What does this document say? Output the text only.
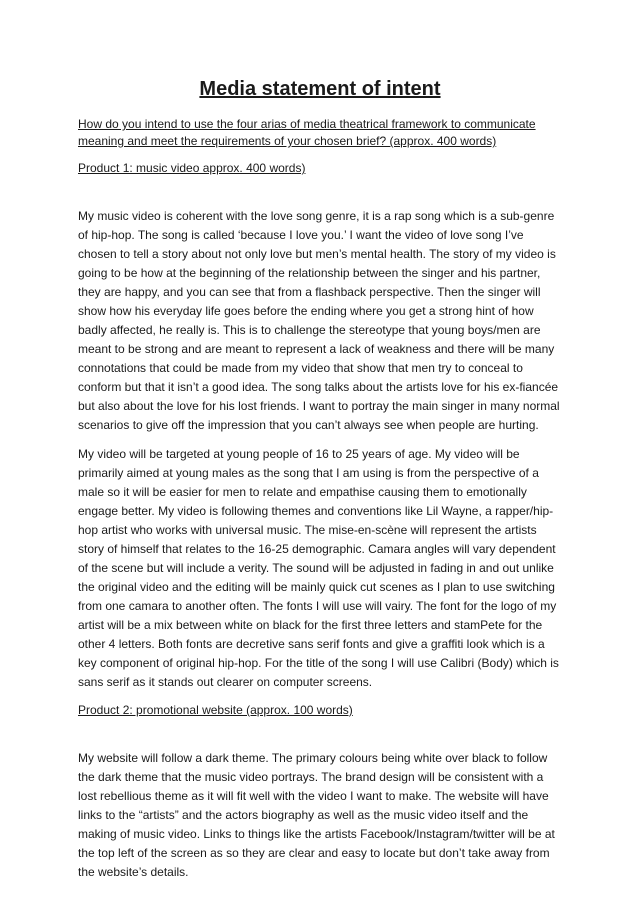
Media statement of intent

How do you intend to use the four arias of media theatrical framework to communicate meaning and meet the requirements of your chosen brief? (approx. 400 words)

Product 1: music video approx. 400 words)

My music video is coherent with the love song genre, it is a rap song which is a sub-genre of hip-hop. The song is called ‘because I love you.’ I want the video of love song I’ve chosen to tell a story about not only love but men’s mental health. The story of my video is going to be how at the beginning of the relationship between the singer and his partner, they are happy, and you can see that from a flashback perspective. Then the singer will show how his everyday life goes before the ending where you get a strong hint of how badly affected, he really is. This is to challenge the stereotype that young boys/men are meant to be strong and are meant to represent a lack of weakness and there will be many connotations that could be made from my video that show that men try to conceal to conform but that it isn’t a good idea. The song talks about the artists love for his ex-fiancée but also about the love for his lost friends. I want to portray the main singer in many normal scenarios to give off the impression that you can’t always see when people are hurting.

My video will be targeted at young people of 16 to 25 years of age. My video will be primarily aimed at young males as the song that I am using is from the perspective of a male so it will be easier for men to relate and empathise causing them to emotionally engage better. My video is following themes and conventions like Lil Wayne, a rapper/hip-hop artist who works with universal music. The mise-en-scène will represent the artists story of himself that relates to the 16-25 demographic. Camara angles will vary dependent of the scene but will include a verity. The sound will be adjusted in fading in and out unlike the original video and the editing will be mainly quick cut scenes as I plan to use switching from one camara to another often. The fonts I will use will vairy. The font for the logo of my artist will be a mix between white on black for the first three letters and stamPete for the other 4 letters. Both fonts are decretive sans serif fonts and give a graffiti look which is a key component of original hip-hop. For the title of the song I will use Calibri (Body) which is sans serif as it stands out clearer on computer screens.

Product 2: promotional website (approx. 100 words)

My website will follow a dark theme. The primary colours being white over black to follow the dark theme that the music video portrays. The brand design will be consistent with a lost rebellious theme as it will fit well with the video I want to make. The website will have links to the “artists” and the actors biography as well as the music video itself and the making of music video. Links to things like the artists Facebook/Instagram/twitter will be at the top left of the screen as so they are clear and easy to locate but don’t take away from the website’s details.
